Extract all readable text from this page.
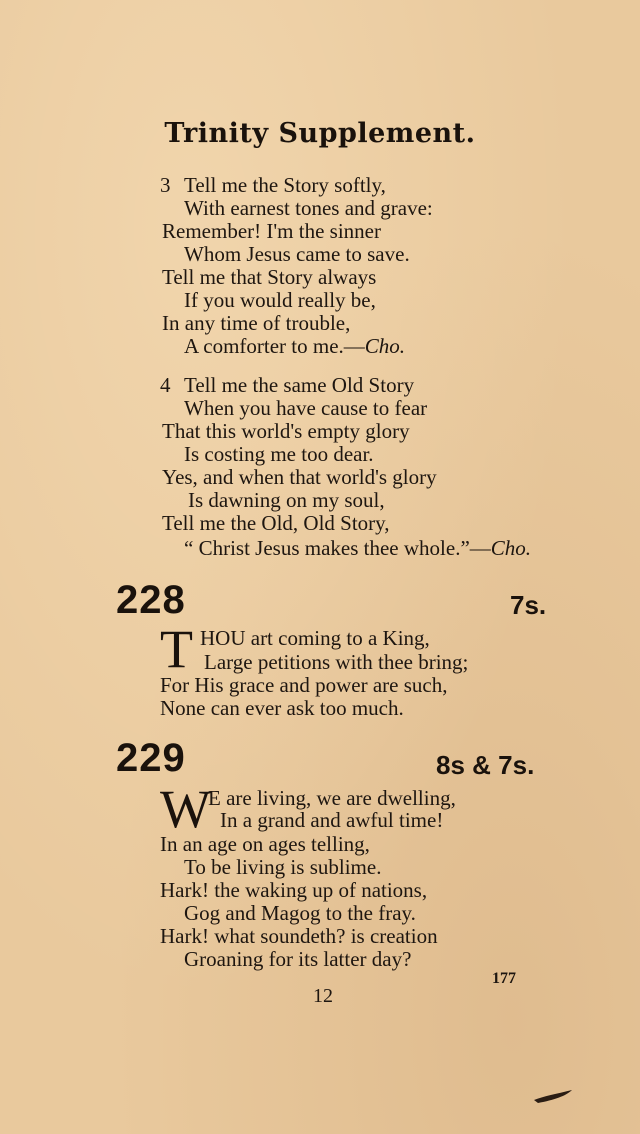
Trinity Supplement.
3 Tell me the Story softly,
With earnest tones and grave:
Remember! I'm the sinner
Whom Jesus came to save.
Tell me that Story always
If you would really be,
In any time of trouble,
A comforter to me.—Cho.
4 Tell me the same Old Story
When you have cause to fear
That this world's empty glory
Is costing me too dear.
Yes, and when that world's glory
Is dawning on my soul,
Tell me the Old, Old Story,
“ Christ Jesus makes thee whole.”—Cho.
228	7s.
T HOU art coming to a King,
Large petitions with thee bring;
For His grace and power are such,
None can ever ask too much.
229	8s & 7s.
W
E are living, we are dwelling,
In a grand and awful time!
In an age on ages telling,
To be living is sublime.
Hark! the waking up of nations,
Gog and Magog to the fray.
Hark! what soundeth? is creation
Groaning for its latter day?
177
12
